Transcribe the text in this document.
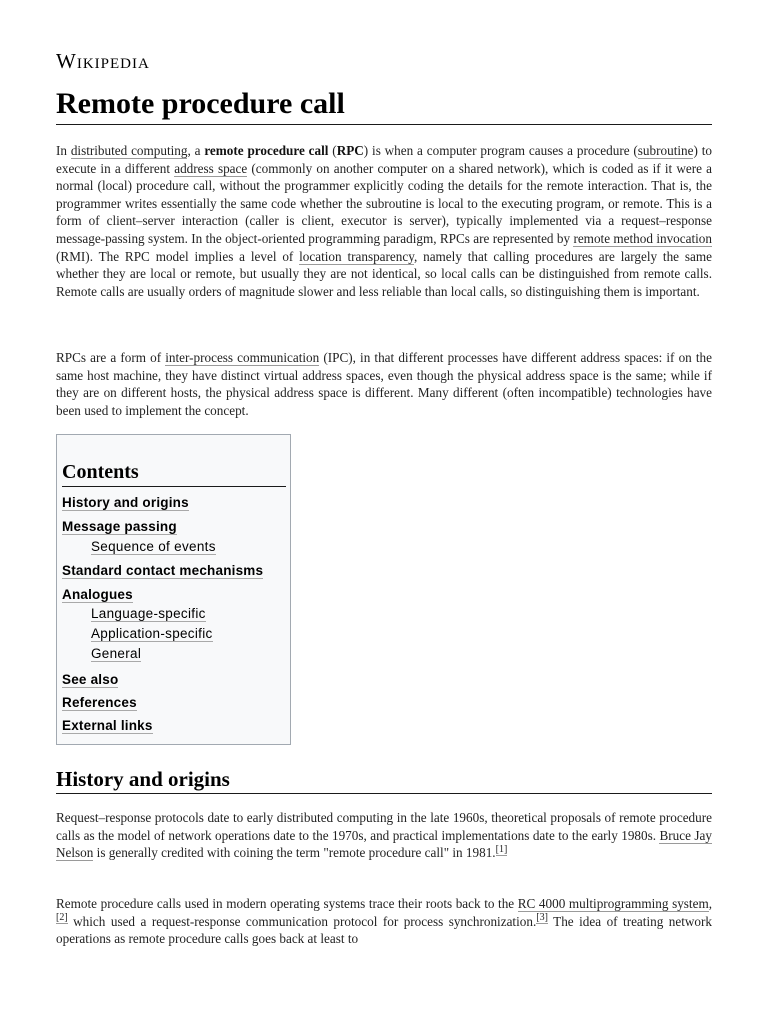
Wikipedia
Remote procedure call

In distributed computing, a remote procedure call (RPC) is when a computer program causes a procedure (subroutine) to execute in a different address space (commonly on another computer on a shared network), which is coded as if it were a normal (local) procedure call, without the programmer explicitly coding the details for the remote interaction. That is, the programmer writes essentially the same code whether the subroutine is local to the executing program, or remote. This is a form of client–server interaction (caller is client, executor is server), typically implemented via a request–response message-passing system. In the object-oriented programming paradigm, RPCs are represented by remote method invocation (RMI). The RPC model implies a level of location transparency, namely that calling procedures are largely the same whether they are local or remote, but usually they are not identical, so local calls can be distinguished from remote calls. Remote calls are usually orders of magnitude slower and less reliable than local calls, so distinguishing them is important.

RPCs are a form of inter-process communication (IPC), in that different processes have different address spaces: if on the same host machine, they have distinct virtual address spaces, even though the physical address space is the same; while if they are on different hosts, the physical address space is different. Many different (often incompatible) technologies have been used to implement the concept.

Contents
History and origins
Message passing
Sequence of events
Standard contact mechanisms
Analogues
Language-specific
Application-specific
General
See also
References
External links
History and origins

Request–response protocols date to early distributed computing in the late 1960s, theoretical proposals of remote procedure calls as the model of network operations date to the 1970s, and practical implementations date to the early 1980s. Bruce Jay Nelson is generally credited with coining the term "remote procedure call" in 1981.[1]

Remote procedure calls used in modern operating systems trace their roots back to the RC 4000 multiprogramming system,[2] which used a request-response communication protocol for process synchronization.[3] The idea of treating network operations as remote procedure calls goes back at least to
